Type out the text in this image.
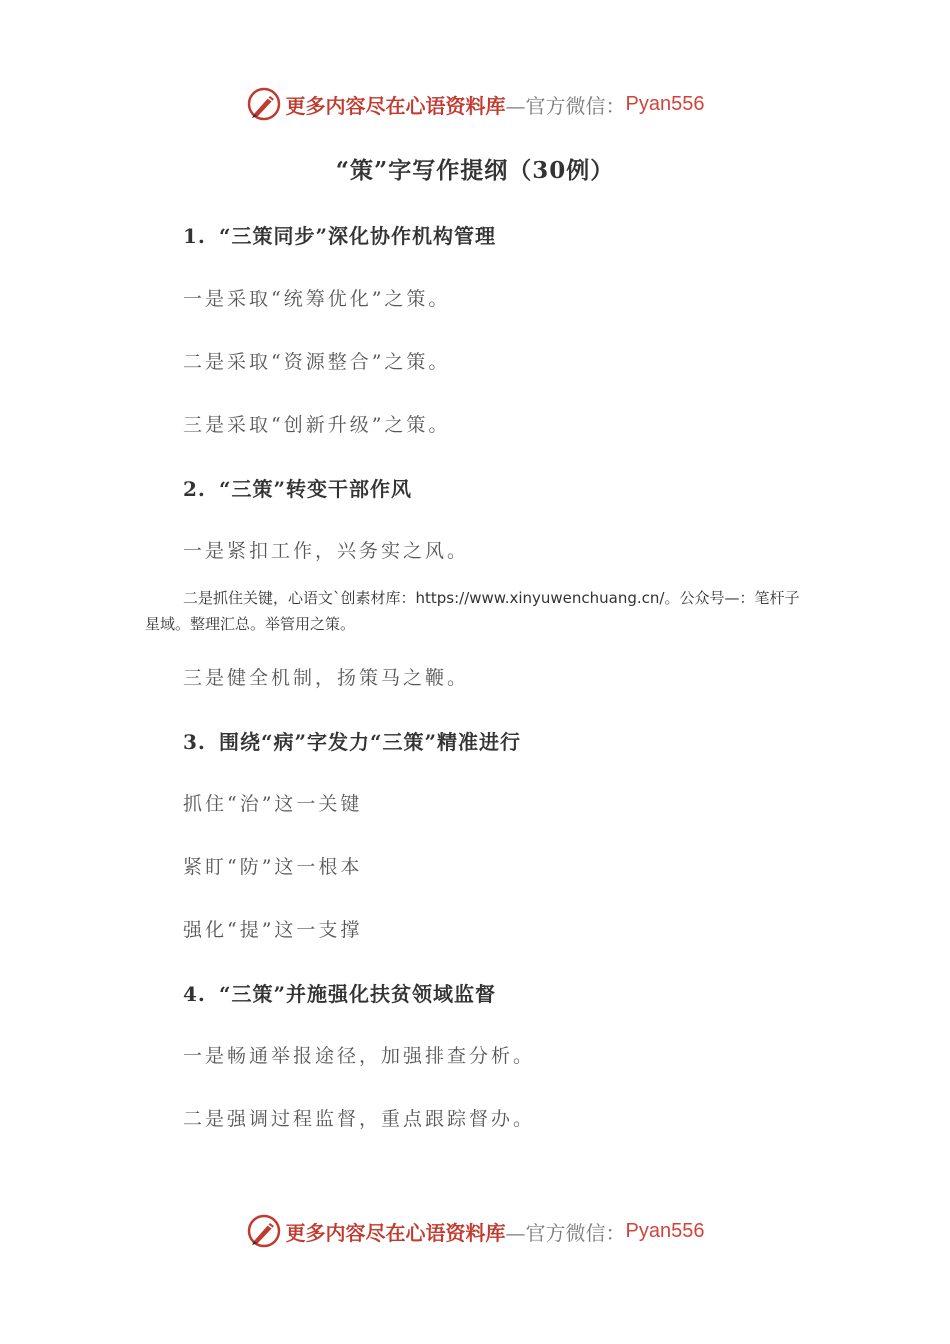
更多内容尽在心语资料库 —官方微信： Pyan556
“策”字写作提纲（30例）
1. “三策同步”深化协作机构管理
一是采取“统筹优化”之策。
二是采取“资源整合”之策。
三是采取“创新升级”之策。
2. “三策”转变干部作风
一是紧扣工作，兴务实之风。
二是抓住关键，心语文`创素材库：https://www.xinyuwenchuang.cn/。公众号—：笔杆子星域。整理汇总。举管用之策。
三是健全机制，扬策马之鞭。
3. 围绕“病”字发力“三策”精准进行
抓住“治”这一关键
紧盯“防”这一根本
强化“提”这一支撑
4. “三策”并施强化扶贫领域监督
一是畅通举报途径，加强排查分析。
二是强调过程监督，重点跟踪督办。
更多内容尽在心语资料库 —官方微信： Pyan556
